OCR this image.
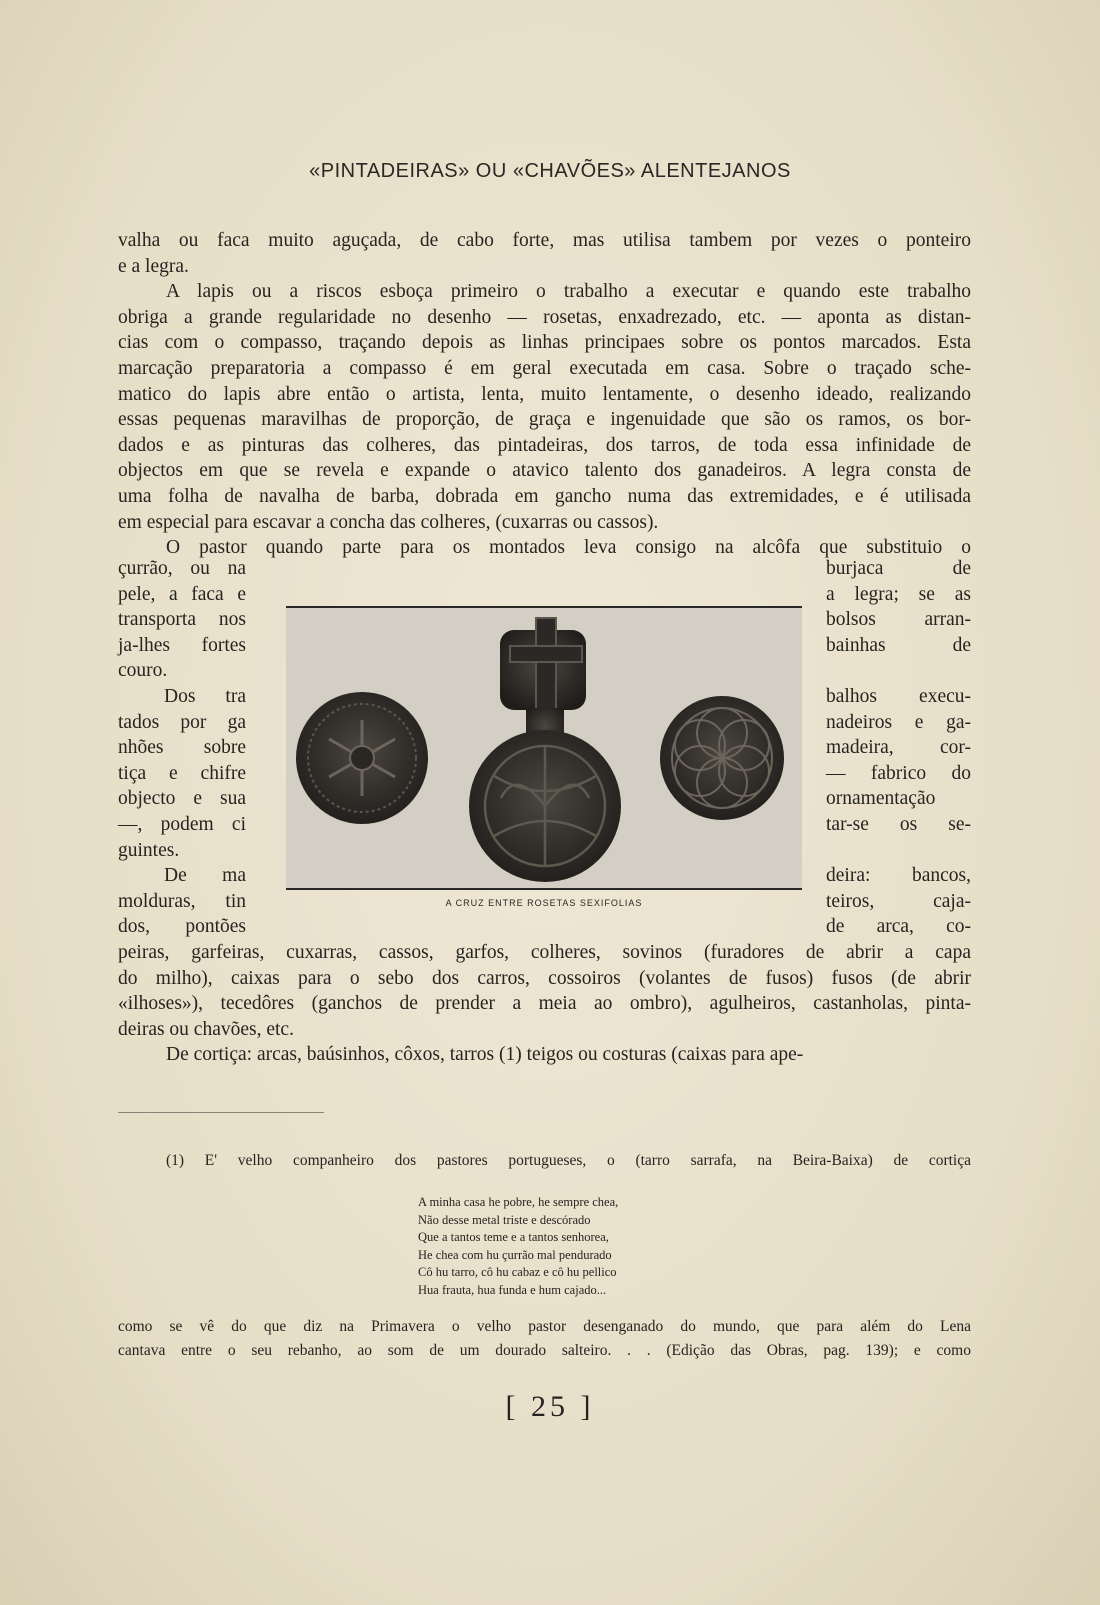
«PINTADEIRAS» OU «CHAVÕES» ALENTEJANOS
valha ou faca muito aguçada, de cabo forte, mas utilisa tambem por vezes o ponteiro
e a legra.
A lapis ou a riscos esboça primeiro o trabalho a executar e quando este trabalho
obriga a grande regularidade no desenho — rosetas, enxadrezado, etc. — aponta as distan-
cias com o compasso, traçando depois as linhas principaes sobre os pontos marcados. Esta
marcação preparatoria a compasso é em geral executada em casa. Sobre o traçado sche-
matico do lapis abre então o artista, lenta, muito lentamente, o desenho ideado, realizando
essas pequenas maravilhas de proporção, de graça e ingenuidade que são os ramos, os bor-
dados e as pinturas das colheres, das pintadeiras, dos tarros, de toda essa infinidade de
objectos em que se revela e expande o atavico talento dos ganadeiros. A legra consta de
uma folha de navalha de barba, dobrada em gancho numa das extremidades, e é utilisada
em especial para escavar a concha das colheres, (cuxarras ou cassos).
O pastor quando parte para os montados leva consigo na alcôfa que substituio o
çurrão, ou na
pele, a faca e
transporta nos
ja-lhes fortes
couro.
Dos tra
tados por ga
nhões sobre
tiça e chifre
objecto e sua
—, podem ci
guintes.
De ma
molduras, tin
dos, pontões
burjaca de
a legra; se as
bolsos arran-
bainhas de
balhos execu-
nadeiros e ga-
madeira, cor-
— fabrico do
ornamentação
tar-se os se-
deira: bancos,
teiros, caja-
de arca, co-
A CRUZ ENTRE ROSETAS SEXIFOLIAS
peiras, garfeiras, cuxarras, cassos, garfos, colheres, sovinos (furadores de abrir a capa
do milho), caixas para o sebo dos carros, cossoiros (volantes de fusos) fusos (de abrir
«ilhoses»), tecedôres (ganchos de prender a meia ao ombro), agulheiros, castanholas, pinta-
deiras ou chavões, etc.
De cortiça: arcas, baúsinhos, côxos, tarros (1) teigos ou costuras (caixas para ape-
(1) E' velho companheiro dos pastores portugueses, o (tarro sarrafa, na Beira-Baixa) de cortiça
A minha casa he pobre, he sempre chea,
Não desse metal triste e descórado
Que a tantos teme e a tantos senhorea,
He chea com hu çurrão mal pendurado
Cô hu tarro, cô hu cabaz e cô hu pellico
Hua frauta, hua funda e hum cajado...
como se vê do que diz na Primavera o velho pastor desenganado do mundo, que para além do Lena
cantava entre o seu rebanho, ao som de um dourado salteiro. . . (Edição das Obras, pag. 139); e como
[ 25 ]
